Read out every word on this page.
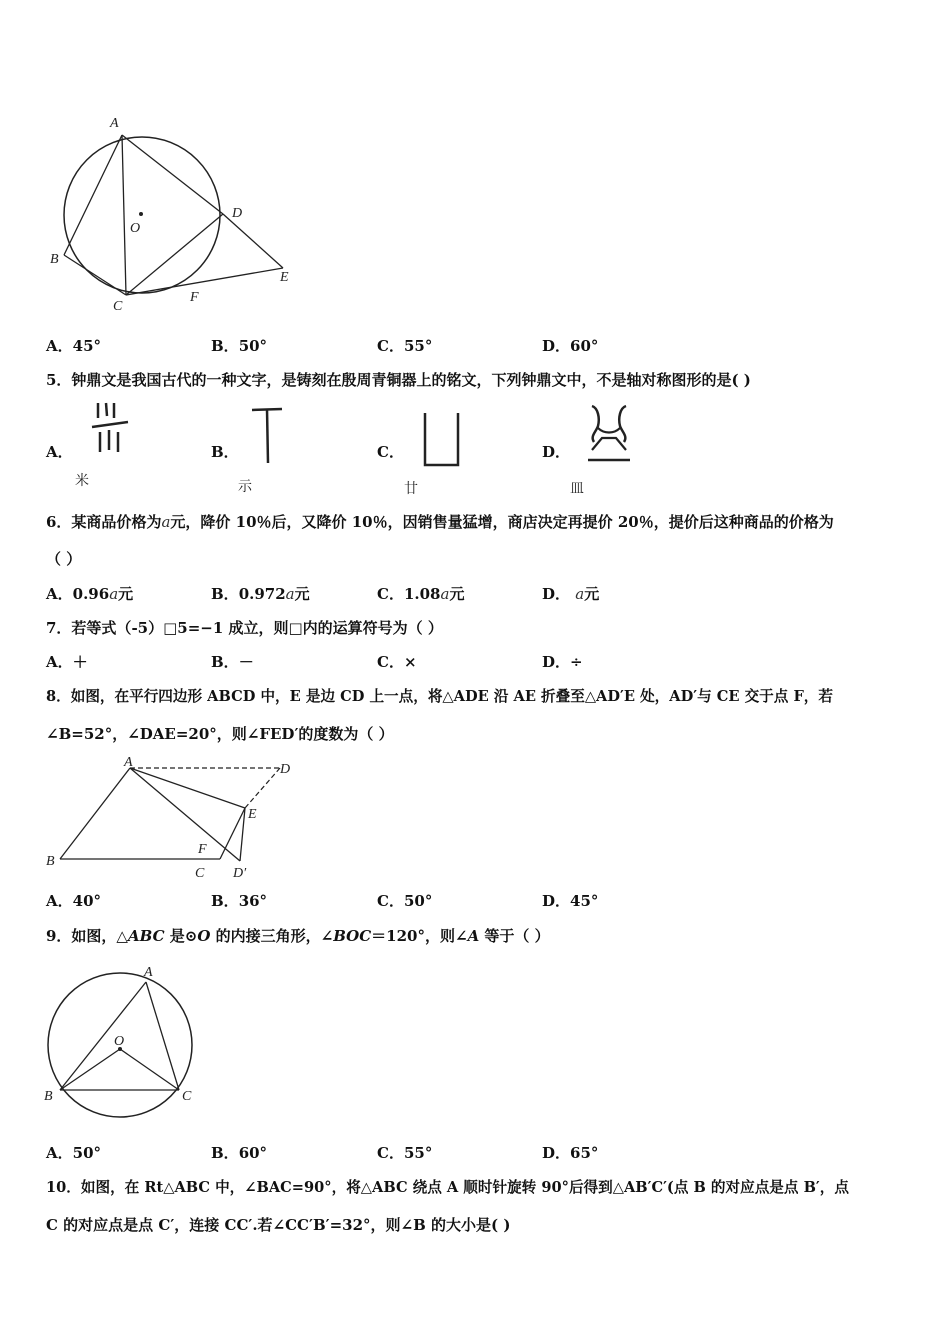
A
B
C
D
E
F
O
A．45°	B．50°	C．55°	D．60°
5．钟鼎文是我国古代的一种文字，是铸刻在殷周青铜器上的铭文，下列钟鼎文中，不是轴对称图形的是( )
A．	B．	C．	D．
米	示	廿	皿
6．某商品价格为a元，降价 10％后，又降价 10％，因销售量猛增，商店决定再提价 20％，提价后这种商品的价格为
（ ）
A．0.96a元	B．0.972a元	C．1.08a元	D． a元
7．若等式（-5）□5=−1 成立，则□内的运算符号为（ ）
A．＋	B．－	C．×	D．÷
8．如图，在平行四边形 ABCD 中，E 是边 CD 上一点，将△ADE 沿 AE 折叠至△AD′E 处，AD′与 CE 交于点 F，若
∠B=52°，∠DAE=20°，则∠FED′的度数为（ ）
A
B
C
D
E
F
D′
A．40°	B．36°	C．50°	D．45°
9．如图，△ABC 是⊙O 的内接三角形，∠BOC＝120°，则∠A 等于（ ）
A
B	C
O
A．50°	B．60°	C．55°	D．65°
10．如图，在 Rt△ABC 中，∠BAC=90°，将△ABC 绕点 A 顺时针旋转 90°后得到△AB′C′(点 B 的对应点是点 B′，点
C 的对应点是点 C′，连接 CC′.若∠CC′B′=32°，则∠B 的大小是( )
